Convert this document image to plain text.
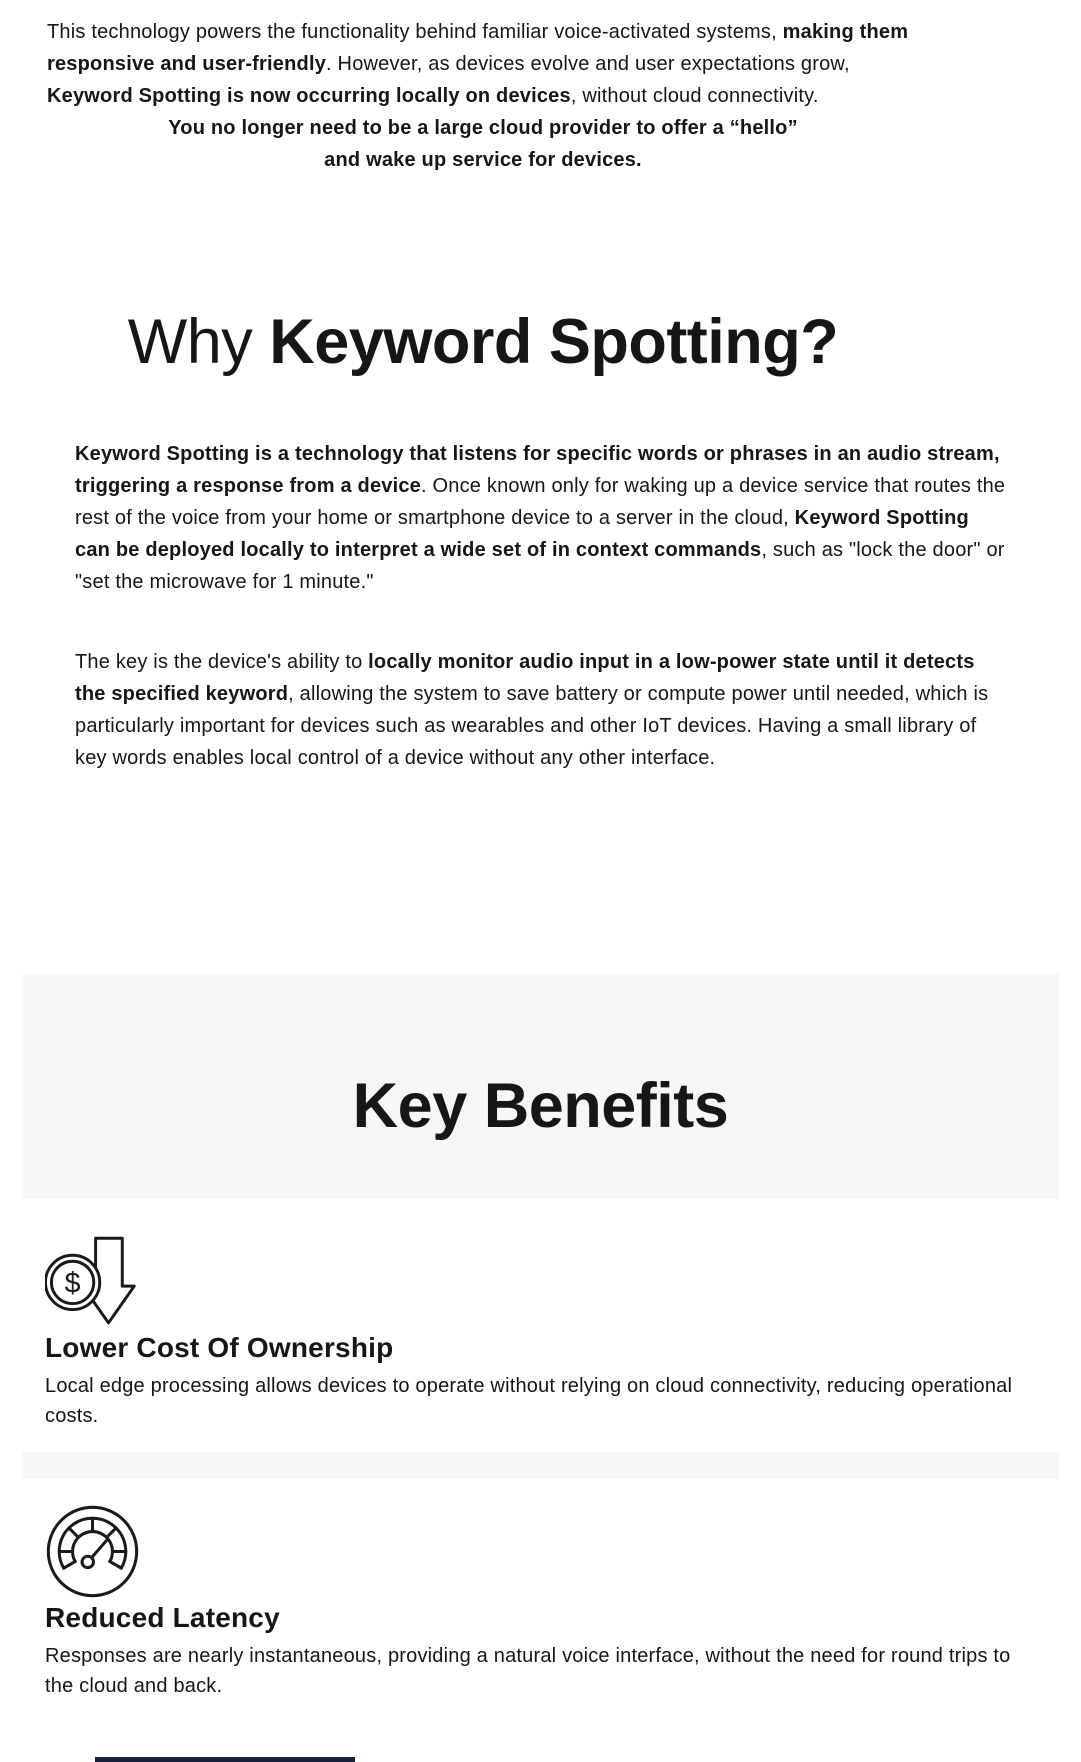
This technology powers the functionality behind familiar voice-activated systems, making them responsive and user-friendly. However, as devices evolve and user expectations grow, Keyword Spotting is now occurring locally on devices, without cloud connectivity.

You no longer need to be a large cloud provider to offer a “hello”
and wake up service for devices.

Why Keyword Spotting?

Keyword Spotting is a technology that listens for specific words or phrases in an audio stream, triggering a response from a device. Once known only for waking up a device service that routes the rest of the voice from your home or smartphone device to a server in the cloud, Keyword Spotting can be deployed locally to interpret a wide set of in context commands, such as "lock the door" or "set the microwave for 1 minute."

The key is the device's ability to locally monitor audio input in a low-power state until it detects the specified keyword, allowing the system to save battery or compute power until needed, which is particularly important for devices such as wearables and other IoT devices. Having a small library of key words enables local control of a device without any other interface.

Key Benefits
$
Lower Cost Of Ownership

Local edge processing allows devices to operate without relying on cloud connectivity, reducing operational costs.

Reduced Latency

Responses are nearly instantaneous, providing a natural voice interface, without the need for round trips to the cloud and back.
